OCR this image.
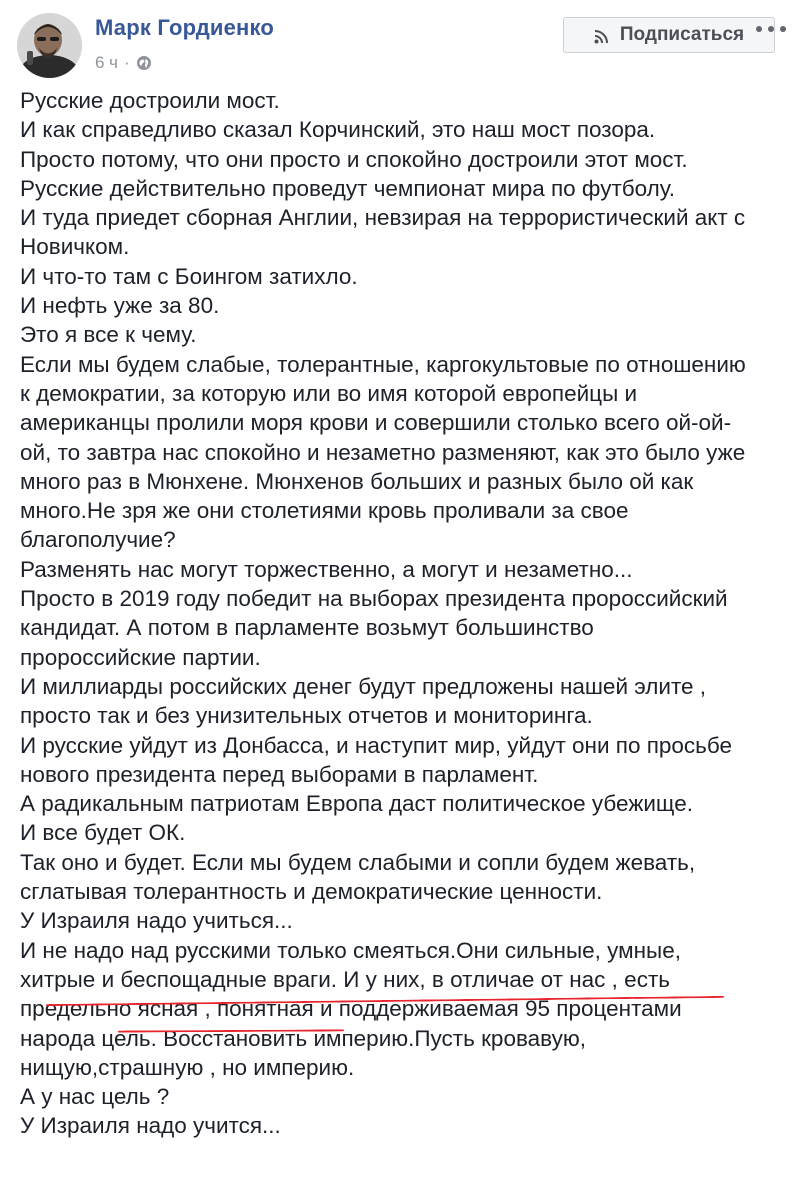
Марк Гордиенко
6 ч ·
Подписаться
Русские достроили мост.
И как справедливо сказал Корчинский, это наш мост позора.
Просто потому, что они просто и спокойно достроили этот мост.
Русские действительно проведут чемпионат мира по футболу.
И туда приедет сборная Англии, невзирая на террористический акт с
Новичком.
И что-то там с Боингом затихло.
И нефть уже за 80.
Это я все к чему.
Если мы будем слабые, толерантные, каргокультовые по отношению
к демократии, за которую или во имя которой европейцы и
американцы пролили моря крови и совершили столько всего ой-ой-
ой, то завтра нас спокойно и незаметно разменяют, как это было уже
много раз в Мюнхене. Мюнхенов больших и разных было ой как
много.Не зря же они столетиями кровь проливали за свое
благополучие?
Разменять нас могут торжественно, а могут и незаметно...
Просто в 2019 году победит на выборах президента пророссийский
кандидат. А потом в парламенте возьмут большинство
пророссийские партии.
И миллиарды российских денег будут предложены нашей элите ,
просто так и без унизительных отчетов и мониторинга.
И русские уйдут из Донбасса, и наступит мир, уйдут они по просьбе
нового президента перед выборами в парламент.
А радикальным патриотам Европа даст политическое убежище.
И все будет ОК.
Так оно и будет. Если мы будем слабыми и сопли будем жевать,
сглатывая толерантность и демократические ценности.
У Израиля надо учиться...
И не надо над русскими только смеяться.Они сильные, умные,
хитрые и беспощадные враги. И у них, в отличае от нас , есть
предельно ясная , понятная и поддерживаемая 95 процентами
народа цель. Восстановить империю.Пусть кровавую,
нищую,страшную , но империю.
А у нас цель ?
У Израиля надо учится...
